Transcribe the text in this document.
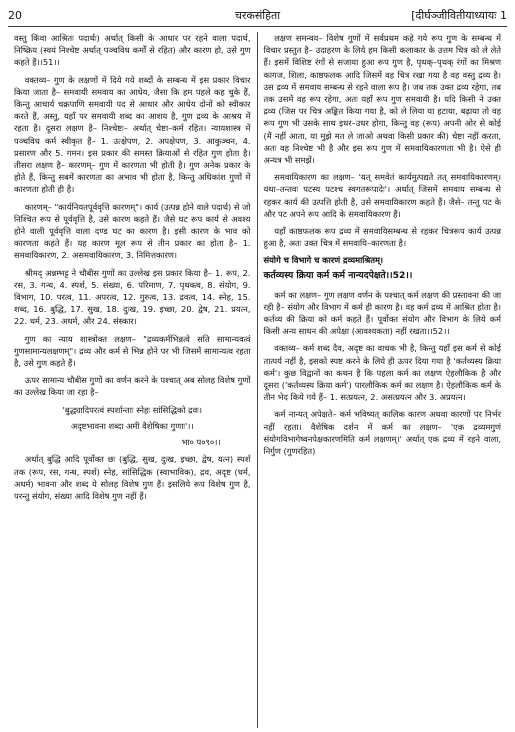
20	चरकसंहिता	[दीर्घञ्जीवितीयाध्यायः 1

वस्तु किंवा आश्रितः पदार्थः) अर्थात् किसी के आधार पर रहने वाला पदार्थ, निष्क्रिय (स्वयं निश्चेष्ट अर्थात् पञ्चविध कर्मों से रहित) और कारण हो, उसे गुण कहते हैं।।51।।

वक्तव्य– गुण के लक्षणों में दिये गये शब्दों के सम्बन्ध में इस प्रकार विचार किया जाता है– समवायी समवाय का आधेय, जैसा कि हम पहले कह चुके हैं, किन्तु आचार्य चक्रपाणि समवायी पद से आधार और आधेय दोनों को स्वीकार करते हैं, अस्तु, यहाँ पर समवायी शब्द का आशय है, गुण द्रव्य के आश्रय में रहता है। दूसरा लक्षण है– निश्चेष्टः– अर्थात् चेष्टा–कर्म रहित। न्यायशास्त्र में पञ्चविध कर्म स्वीकृत हैं– 1. उत्क्षेपण, 2. अपक्षेपण, 3. आकुञ्चन, 4. प्रसारण और 5. गमन। इस प्रकार की समस्त क्रियाओं से रहित गुण होता है। तीसरा लक्षण है– कारणम्– गुण में कारणता भी होती है। गुण अनेक प्रकार के होते हैं, किन्तु सबमें कारणता का अभाव भी होता है, किन्तु अधिकांश गुणों में कारणता होती ही है।

कारणम्– "कार्यनियतपूर्ववृत्ति कारणम्"। कार्य (उत्पन्न होने वाले पदार्थ) से जो निश्चित रूप से पूर्ववृत्ति है, उसे कारण कहते हैं। जैसे घट रूप कार्य से अवश्य होने वाली पूर्ववृत्ति वाला दण्ड घट का कारण है। इसी कारण के भाव को कारणता कहते हैं। यह कारण मूल रूप से तीन प्रकार का होता है– 1. समवायिकारण, 2. असमवायिकारण, 3. निमित्तकारण।

श्रीमद् अन्नम्भट्ट ने चौबीस गुणों का उल्लेख इस प्रकार किया है– 1. रूप, 2. रस, 3. गन्ध, 4. स्पर्श, 5. संख्या, 6. परिमाण, 7. पृथक्त्व, 8. संयोग, 9. विभाग, 10. परत्व, 11. अपरत्व, 12. गुरुत्व, 13. द्रवत्व, 14. स्नेह, 15. शब्द, 16. बुद्धि, 17. सुख, 18. दुःख, 19. इच्छा, 20. द्वेष, 21. प्रयत्न, 22. धर्म, 23. अधर्म, और 24. संस्कार।

गुण का न्याय शास्त्रोक्त लक्षण– "द्रव्यकर्मभिन्नत्वे सति सामान्यवत्वं गुणसामान्यलक्षणम्"। द्रव्य और कर्म से भिन्न होने पर भी जिसमें सामान्यत्व रहता है, उसे गुण कहते हैं।

ऊपर सामान्य चौबीस गुणों का वर्णन करने के पश्चात् अब सोलह विशेष गुणों का उल्लेख किया जा रहा है–

'बुद्ध्यादिपरत्वं स्पर्शान्ताः स्नेहः सांसिद्धिको द्रवः।

अदृष्टभावना शब्दा अमी वैशेषिका गुणाः'।।

भा० प०९०।।

अर्थात् बुद्धि आदि पूर्वोक्त छः (बुद्धि, सुख, दुःख, इच्छा, द्वेष, यत्न) स्पर्श तक (रूप, रस, गन्ध, स्पर्श) स्नेह, सांसिद्धिक (स्वाभाविक), द्रव, अदृष्ट (धर्म, अधर्म) भावना और शब्द ये सोलह विशेष गुण हैं। इसलिये रूप विशेष गुण है, परन्तु संयोग, संख्या आदि विशेष गुण नहीं हैं।

लक्षण समन्वय– विशेष गुणों में सर्वप्रथम कहे गये रूप गुण के सम्बन्ध में विचार प्रस्तुत है– उदाहरण के लिये हम किसी कलाकार के उत्तम चित्र को ले लेते हैं। इसमें विशिष्ट रंगों से सजाया हुआ रूप गुण है, पृथक्–पृथक् रंगों का मिश्रण कागज, शिला, काष्ठफलक आदि जिसमें वह चित्र रखा गया है वह वस्तु द्रव्य है। उस द्रव्य में समवाय सम्बन्ध से रहने वाला रूप है। जब तक उक्त द्रव्य रहेगा, तब तक उसमें वह रूप रहेगा, अतः यहाँ रूप गुण समवायी है। यदि किसी ने उक्त द्रव्य (जिस पर चित्र अङ्कित किया गया है, को ले लिया या हटाया, बढ़ाया तो वह रूप गुण भी उसके साथ इधर–उधर होगा, किन्तु वह (रूप) अपनी ओर से कोई (मैं नहीं आता, या मुझे मत ले जाओ अथवा किसी प्रकार की) चेष्टा नहीं करता, अतः वह निश्चेष्ट भी है और इस रूप गुण में समवायिकारणता भी है। ऐसे ही अन्यत्र भी समझें।

समवायिकारण का लक्षण– 'यत् समवेतं कार्यमुत्पद्यते तत् समवायिकारणम्। यथा–तन्तवः पटस्य पटश्च स्वगतरूपादेः'। अर्थात् जिसमें समवाय सम्बन्ध से रहकर कार्य की उत्पत्ति होती है, उसे समवायिकारण कहते हैं। जैसे– तन्तु पट के और पट अपने रूप आदि के समवायिकारण हैं।

यहाँ काष्ठफलक रूप द्रव्य में समवायिसम्बन्ध से रहकर चित्ररूप कार्य उत्पन्न हुआ है, अतः उक्त चित्र में समवायि–कारणता है।

संयोगे च विभागे च कारणं द्रव्यमाश्रितम्।

कर्तव्यस्य क्रिया कर्म कर्म नान्यदपेक्षते।।52।।

कर्म का लक्षण– गुण लक्षण वर्णन के पश्चात् कर्म लक्षण की प्रस्तावना की जा रही है– संयोग और विभाग में कर्म ही कारण है। वह कर्म द्रव्य में आश्रित होता है। कर्तव्य की क्रिया को कर्म कहते हैं। पूर्वोक्त संयोग और विभाग के लिये कर्म किसी अन्य साधन की अपेक्षा (आवश्यकता) नहीं रखता।।52।।

वक्तव्य– कर्म शब्द दैव, अदृष्ट का वाचक भी है, किन्तु यहाँ इस कर्म से कोई तात्पर्य नहीं है, इसको स्पष्ट करने के लिये ही ऊपर दिया गया है 'कर्तव्यस्य क्रिया कर्म'। कुछ विद्वानों का कथन है कि पहला कर्म का लक्षण ऐहलौकिक है और दूसरा ('कर्तव्यस्य क्रिया कर्म') पारलौकिक कर्म का लक्षण है। ऐहलौकिक कर्म के तीन भेद किये गये हैं– 1. सत्प्रयत्न, 2. असत्प्रयत्न और 3. अप्रयत्न।

कर्म नान्यत् अपेक्षते– कर्म भविष्यत् कालिक कारण अथवा कारणों पर निर्भर नहीं रहता। वैशेषिक दर्शन में कर्म का लक्षण– 'एक द्रव्यमगुणं संयोगविभागेष्वनपेक्षकारणमिति कर्म लक्षणम्।' अर्थात् एक द्रव्य में रहने वाला, निर्गुण (गुणरहित)
